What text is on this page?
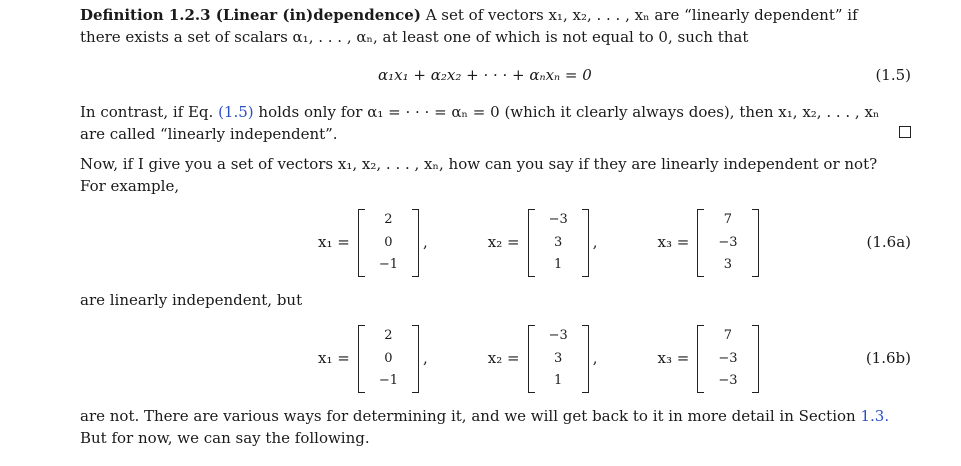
Definition 1.2.3 (Linear (in)dependence) A set of vectors x₁, x₂, . . . , xₙ are “linearly dependent” if
there exists a set of scalars α₁, . . . , αₙ, at least one of which is not equal to 0, such that
α₁x₁ + α₂x₂ + · · · + αₙxₙ = 0	(1.5)
In contrast, if Eq. (1.5) holds only for α₁ = · · · = αₙ = 0 (which it clearly always does), then x₁, x₂, . . . , xₙ
are called “linearly independent”.
Now, if I give you a set of vectors x₁, x₂, . . . , xₙ, how can you say if they are linearly independent or not?
For example,
x₁ =
2
0
−1
,	x₂ =
−3
3
1
,	x₃ =
7
−3
3
(1.6a)
are linearly independent, but
x₁ =
2
0
−1
,	x₂ =
−3
3
1
,	x₃ =
7
−3
−3
(1.6b)
are not. There are various ways for determining it, and we will get back to it in more detail in Section 1.3.
But for now, we can say the following.
